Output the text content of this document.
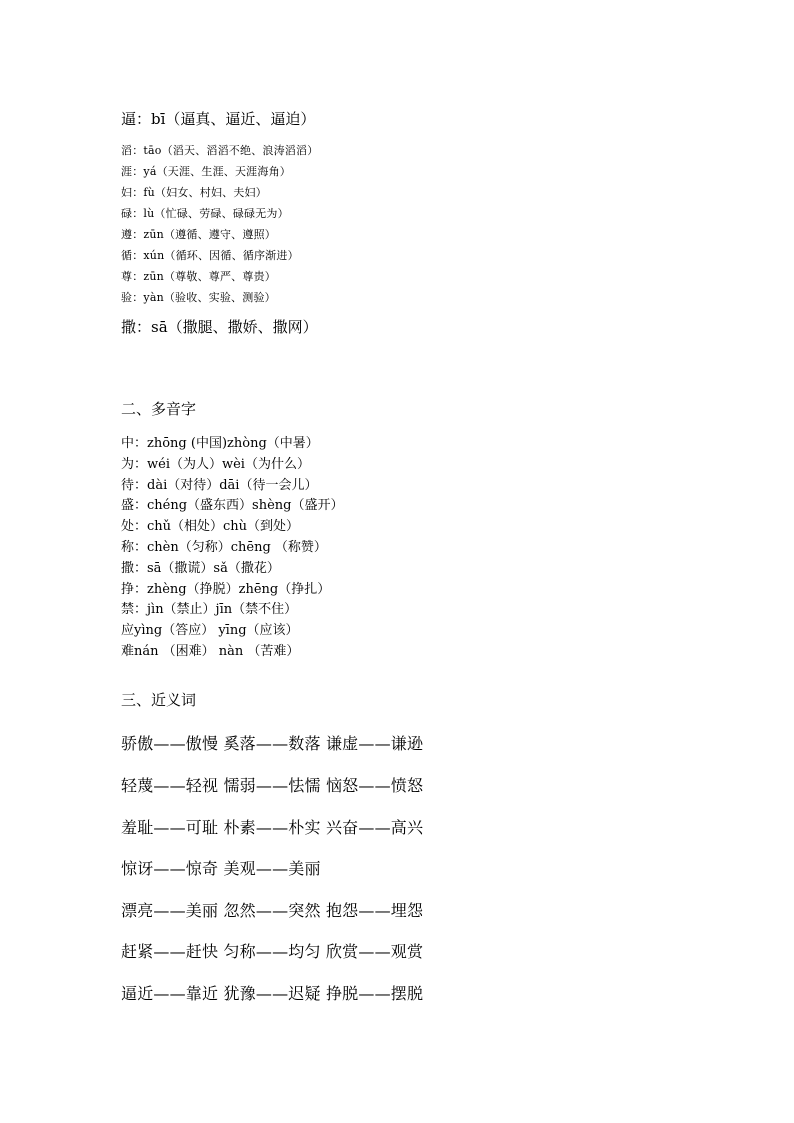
逼：bī（逼真、逼近、逼迫）
滔：tāo（滔天、滔滔不绝、浪涛滔滔）
涯：yá（天涯、生涯、天涯海角）
妇：fù（妇女、村妇、夫妇）
碌：lù（忙碌、劳碌、碌碌无为）
遵：zūn（遵循、遵守、遵照）
循：xún（循环、因循、循序渐进）
尊：zūn（尊敬、尊严、尊贵）
验：yàn（验收、实验、测验）
撒：sā（撒腿、撒娇、撒网）
二、多音字
中：zhōng (中国)zhòng（中暑）
为：wéi（为人）wèi（为什么）
待：dài（对待）dāi（待一会儿）
盛：chéng（盛东西）shèng（盛开）
处：chǔ（相处）chù（到处）
称：chèn（匀称）chēng （称赞）
撒：sā（撒谎）sǎ（撒花）
挣：zhèng（挣脱）zhēng（挣扎）
禁：jìn（禁止）jīn（禁不住）
应yìng（答应） yīng（应该）
难nán （困难） nàn （苦难）
三、近义词
骄傲——傲慢 奚落——数落 谦虚——谦逊
轻蔑——轻视 懦弱——怯懦 恼怒——愤怒
羞耻——可耻 朴素——朴实 兴奋——高兴
惊讶——惊奇 美观——美丽
漂亮——美丽 忽然——突然 抱怨——埋怨
赶紧——赶快 匀称——均匀 欣赏——观赏
逼近——靠近 犹豫——迟疑 挣脱——摆脱
